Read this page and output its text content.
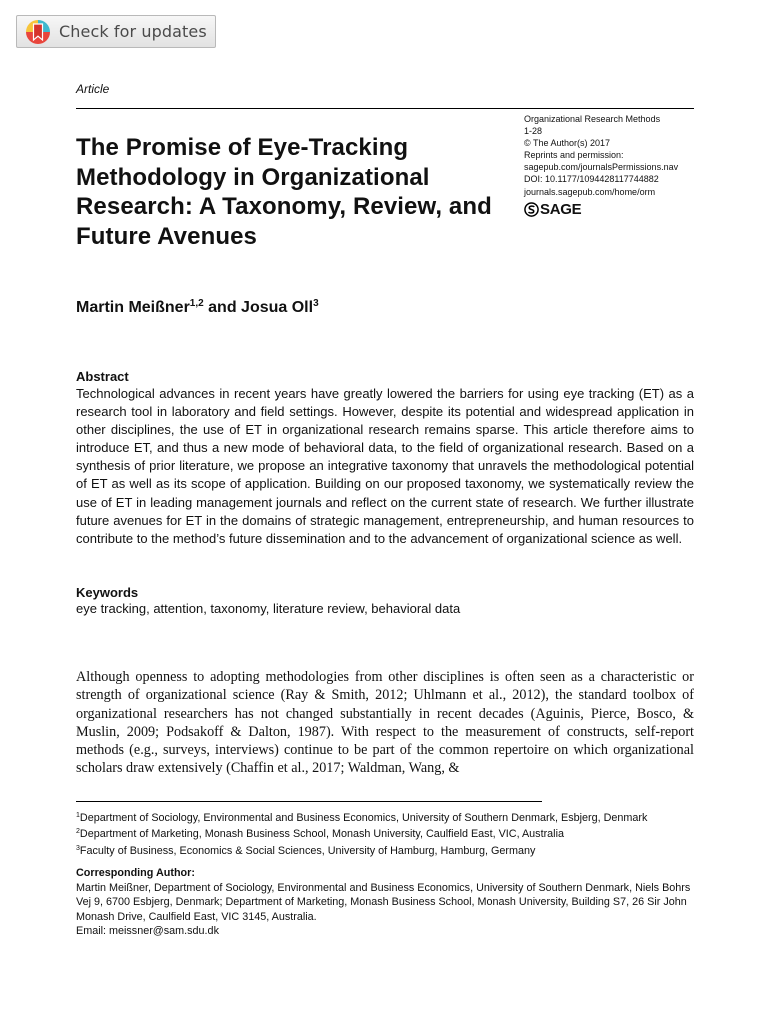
Check for updates
Article
The Promise of Eye-Tracking Methodology in Organizational Research: A Taxonomy, Review, and Future Avenues
Organizational Research Methods
1-28
© The Author(s) 2017
Reprints and permission:
sagepub.com/journalsPermissions.nav
DOI: 10.1177/1094428117744882
journals.sagepub.com/home/orm
SAGE
Martin Meißner$^{1,2}$ and Josua Oll$^3$
Abstract
Technological advances in recent years have greatly lowered the barriers for using eye tracking (ET) as a research tool in laboratory and field settings. However, despite its potential and widespread application in other disciplines, the use of ET in organizational research remains sparse. This article therefore aims to introduce ET, and thus a new mode of behavioral data, to the field of organizational research. Based on a synthesis of prior literature, we propose an integrative taxonomy that unravels the methodological potential of ET as well as its scope of application. Building on our proposed taxonomy, we systematically review the use of ET in leading management journals and reflect on the current state of research. We further illustrate future avenues for ET in the domains of strategic management, entrepreneurship, and human resources to contribute to the method’s future dissemination and to the advancement of organizational science as well.
Keywords
eye tracking, attention, taxonomy, literature review, behavioral data
Although openness to adopting methodologies from other disciplines is often seen as a characteristic or strength of organizational science (Ray & Smith, 2012; Uhlmann et al., 2012), the standard toolbox of organizational researchers has not changed substantially in recent decades (Aguinis, Pierce, Bosco, & Muslin, 2009; Podsakoff & Dalton, 1987). With respect to the measurement of constructs, self-report methods (e.g., surveys, interviews) continue to be part of the common repertoire on which organizational scholars draw extensively (Chaffin et al., 2017; Waldman, Wang, &
$^1$Department of Sociology, Environmental and Business Economics, University of Southern Denmark, Esbjerg, Denmark
$^2$Department of Marketing, Monash Business School, Monash University, Caulfield East, VIC, Australia
$^3$Faculty of Business, Economics & Social Sciences, University of Hamburg, Hamburg, Germany
Corresponding Author:
Martin Meißner, Department of Sociology, Environmental and Business Economics, University of Southern Denmark, Niels Bohrs Vej 9, 6700 Esbjerg, Denmark; Department of Marketing, Monash Business School, Monash University, Building S7, 26 Sir John Monash Drive, Caulfield East, VIC 3145, Australia.
Email: meissner@sam.sdu.dk
